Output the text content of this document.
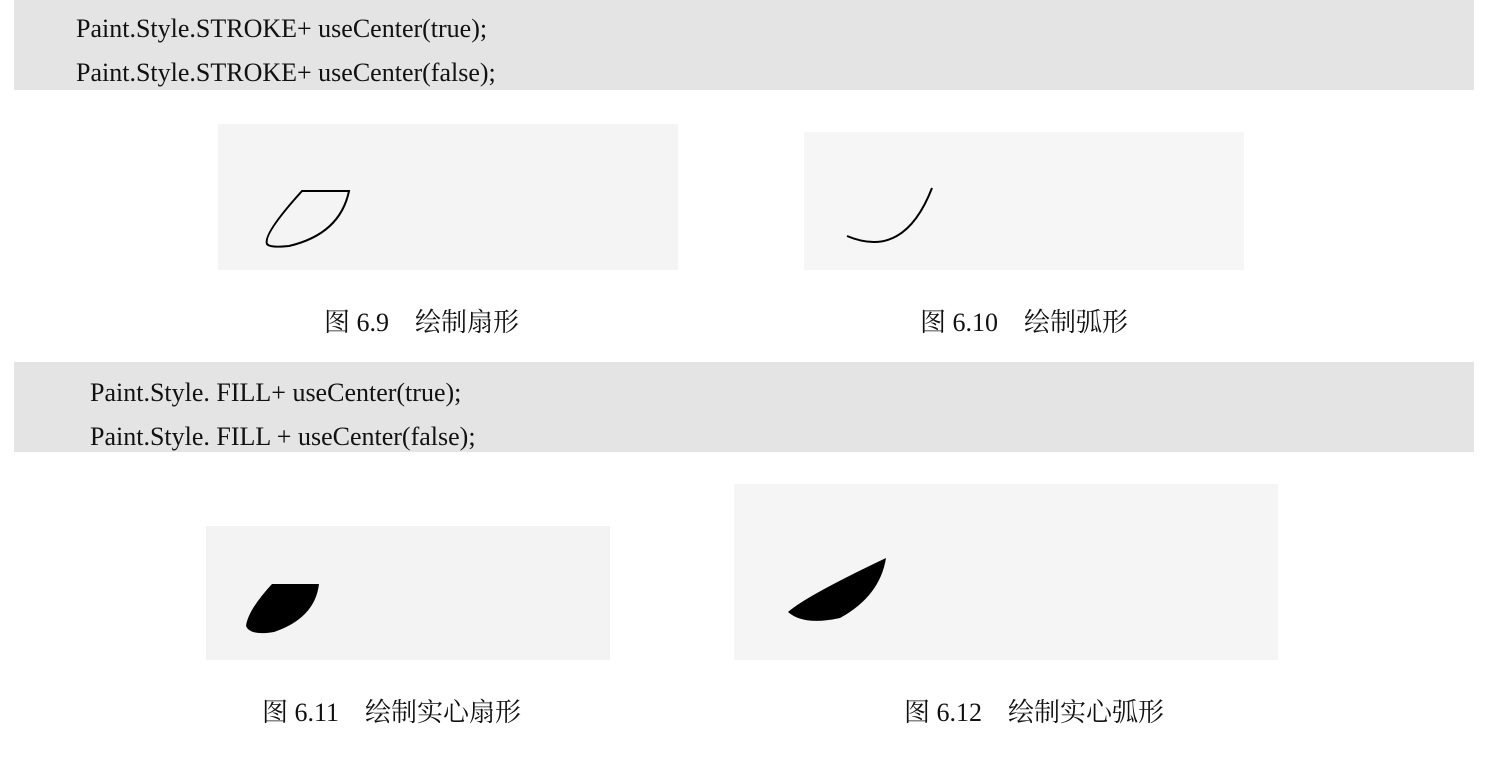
Paint.Style.STROKE+ useCenter(true);
Paint.Style.STROKE+ useCenter(false);
图 6.9 绘制扇形	图 6.10 绘制弧形
Paint.Style. FILL+ useCenter(true);
Paint.Style. FILL + useCenter(false);
图 6.11 绘制实心扇形	图 6.12 绘制实心弧形
